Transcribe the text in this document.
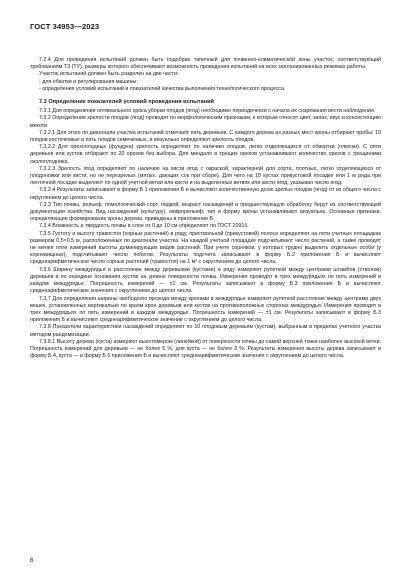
ГОСТ 34953—2023

7.2.4 Для проведения испытаний должен быть подобран типичный для почвенно-климатической зоны участок, соответствующий требованиям ТЗ (ТУ), размеры которого обеспечивают возможность проведения испытаний на всех запланированных режимах работы.

Участок испытаний должен быть разделен на две части:

- для обкатки и регулирования машины;

- определения условий испытаний и показателей качества выполнения технологического процесса.

7.3 Определение показателей условий проведения испытаний

7.3.1 Для определения оптимального срока уборки плодов (ягод) необходимо периодически с начала их созревания вести наблюдения.

7.3.2 Определение зрелости плодов (ягод) проводят по морфологическим признакам, к которым относят цвет, запах, вкус и консистенцию мякоти.

7.3.2.1 Для этого по диагонали участка испытаний отмечают пять деревьев. С каждого дерева из разных мест кроны отбирают пробы: 10 плодов косточковых и пять плодов семечковых, и визуально определяют зрелость плодов.

7.3.2.2 Для орехоплодных (фундука) зрелость определяют по наличию плодов, легко отделяющихся от обвертки (плюски). С пяти деревьев или кустов отбирают по 20 орехов без выбора. Для миндаля в трещих орехов устанавливают количество орехов с трещинами околоплодника.

7.3.2.3 Зрелость ягод определяют по наличию на кисти ягод с окраской, характерной для сорта, плотных, легко отделяющихся от плодоножки или кисти, но не перезрелых (мятых, дающих сок при сборе). Для чего на 10 кустах прикустовой посадке или 1 м ряда при ленточной посадке выделяют по одной учетной ветви или кисти и на выделенных ветвях или кисти ягод, указывая число ягод.

7.3.2.4 Результаты записывают в форму Б.1 приложения Б и вычисляют количественную долю зрелых плодов (ягод) от их общего числа с округлением до целого числа.

7.3.3 Тип почвы, рельеф, помологический сорт, подвой, возраст насаждений и предшествующую обработку берут из соответствующей документации хозяйства. Вид насаждений (культуру), микрорельеф, тип и форму кроны устанавливают визуально. Основные признаки, определяющие формирование кроны дерева, приведены в приложении В.

7.3.4 Влажность и твердость почвы в слое от 0 до 10 см определяют по ГОСТ 20915.

7.3.5 Густоту и высоту травостоя (сорных растений) в ряду, приствольной (прикустовой) полосе определяют на пяти учетных площадках размером 0,5×0,5 м, расположенных по диагонали участка. На каждой учетной площадке подсчитывают число растений, а также проводят не менее пяти измерений высоты доминирующих видов растений. При учете сорняков, у которых трудно выделить отдельные особи (у корневищных), подсчитывают число побегов. Результаты подсчета записывают в форму Б.2 приложения Б и вычисляют среднеарифметическое число сорных растений (травостоя) на 1 м² с округлением до целого числа.

7.3.6 Ширину междурядья и расстояние между деревьями (кустами) в ряду измеряют рулеткой между центрами штамбов (стволов) деревьев и по середине основания кустов на уровне поверхности почвы. Измерения проводят в трех междурядьях по пять измерений в каждом междурядье. Погрешность измерений — ±1 см. Результаты записывают в форму Б.3 приложения Б и вычисляют среднеарифметические значения с округлением до целого числа.

7.3.7 Для определения ширины свободного прохода между кронами в междурядье измеряют рулеткой расстояние между центрами двух вешек, установленных вертикально по краям крон деревьев или кустов на противоположных сторонах междурядья. Измерения проводят в трех междурядьях по пять измерений в каждом междурядье. Погрешность измерений — ±1 см. Результаты записывают в форму Б.3 приложения Б и вычисляют среднеарифметическое значение с округлением до целого числа.

7.3.8 Показатели характеристики насаждений определяют по 10 плодовым деревьям (кустам), выбранным в пределах учетного участка методом рандомизации.

7.3.8.1 Высоту дерева (куста) измеряют высотомером (линейкой) от поверхности почвы до самой верхней точки наиболее высокой ветки. Погрешность измерений для деревьев — не более 5 %, для куста — не более 3 %. Результаты измерения высоты дерева записывают в форму Б.4, куста — в форму Б.5 приложения Б и вычисляют среднеарифметические значения с округлением до целого числа.

6
